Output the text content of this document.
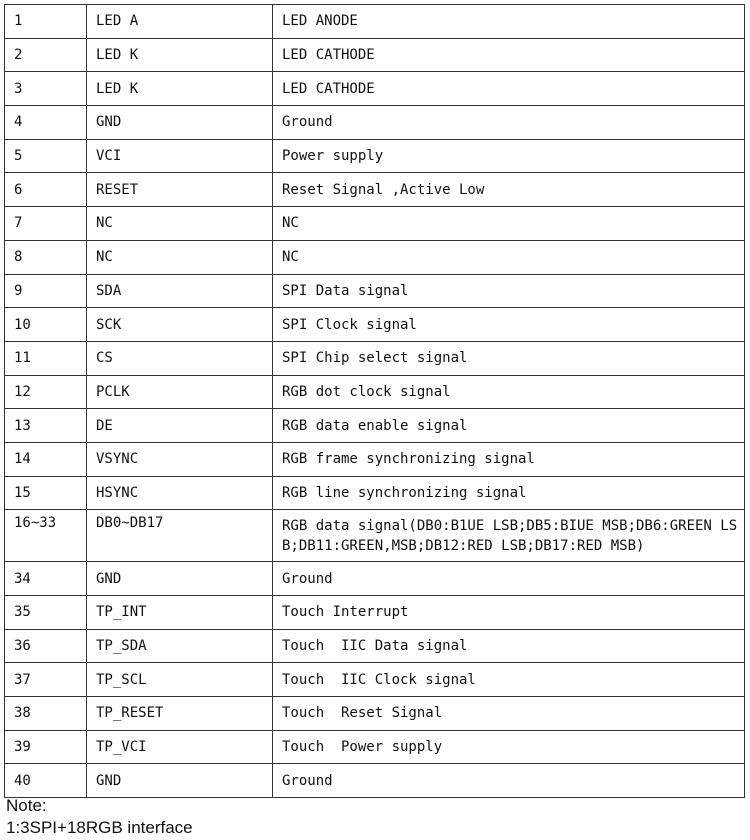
1	LED A	LED ANODE
2	LED K	LED CATHODE
3	LED K	LED CATHODE
4	GND	Ground
5	VCI	Power supply
6	RESET	Reset Signal ,Active Low
7	NC	NC
8	NC	NC
9	SDA	SPI Data signal
10	SCK	SPI Clock signal
11	CS	SPI Chip select signal
12	PCLK	RGB dot clock signal
13	DE	RGB data enable signal
14	VSYNC	RGB frame synchronizing signal
15	HSYNC	RGB line synchronizing signal
16~33	DB0~DB17	RGB data signal(DB0:B1UE LSB;DB5:BIUE MSB;DB6:GREEN LSB;DB11:GREEN,MSB;DB12:RED LSB;DB17:RED MSB)
34	GND	Ground
35	TP_INT	Touch Interrupt
36	TP_SDA	Touch  IIC Data signal
37	TP_SCL	Touch  IIC Clock signal
38	TP_RESET	Touch  Reset Signal
39	TP_VCI	Touch  Power supply
40	GND	Ground
Note:
1:3SPI+18RGB interface
